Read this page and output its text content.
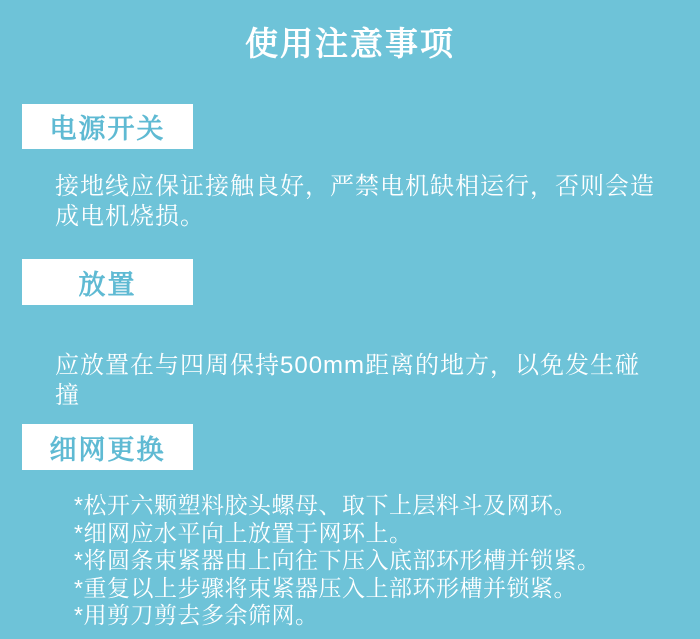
使用注意事项
电源开关

接地线应保证接触良好，严禁电机缺相运行，否则会造成电机烧损。

放置

应放置在与四周保持500mm距离的地方，以免发生碰撞

细网更换
*松开六颗塑料胶头螺母、取下上层料斗及网环。
*细网应水平向上放置于网环上。
*将圆条束紧器由上向往下压入底部环形槽并锁紧。
*重复以上步骤将束紧器压入上部环形槽并锁紧。
*用剪刀剪去多余筛网。
